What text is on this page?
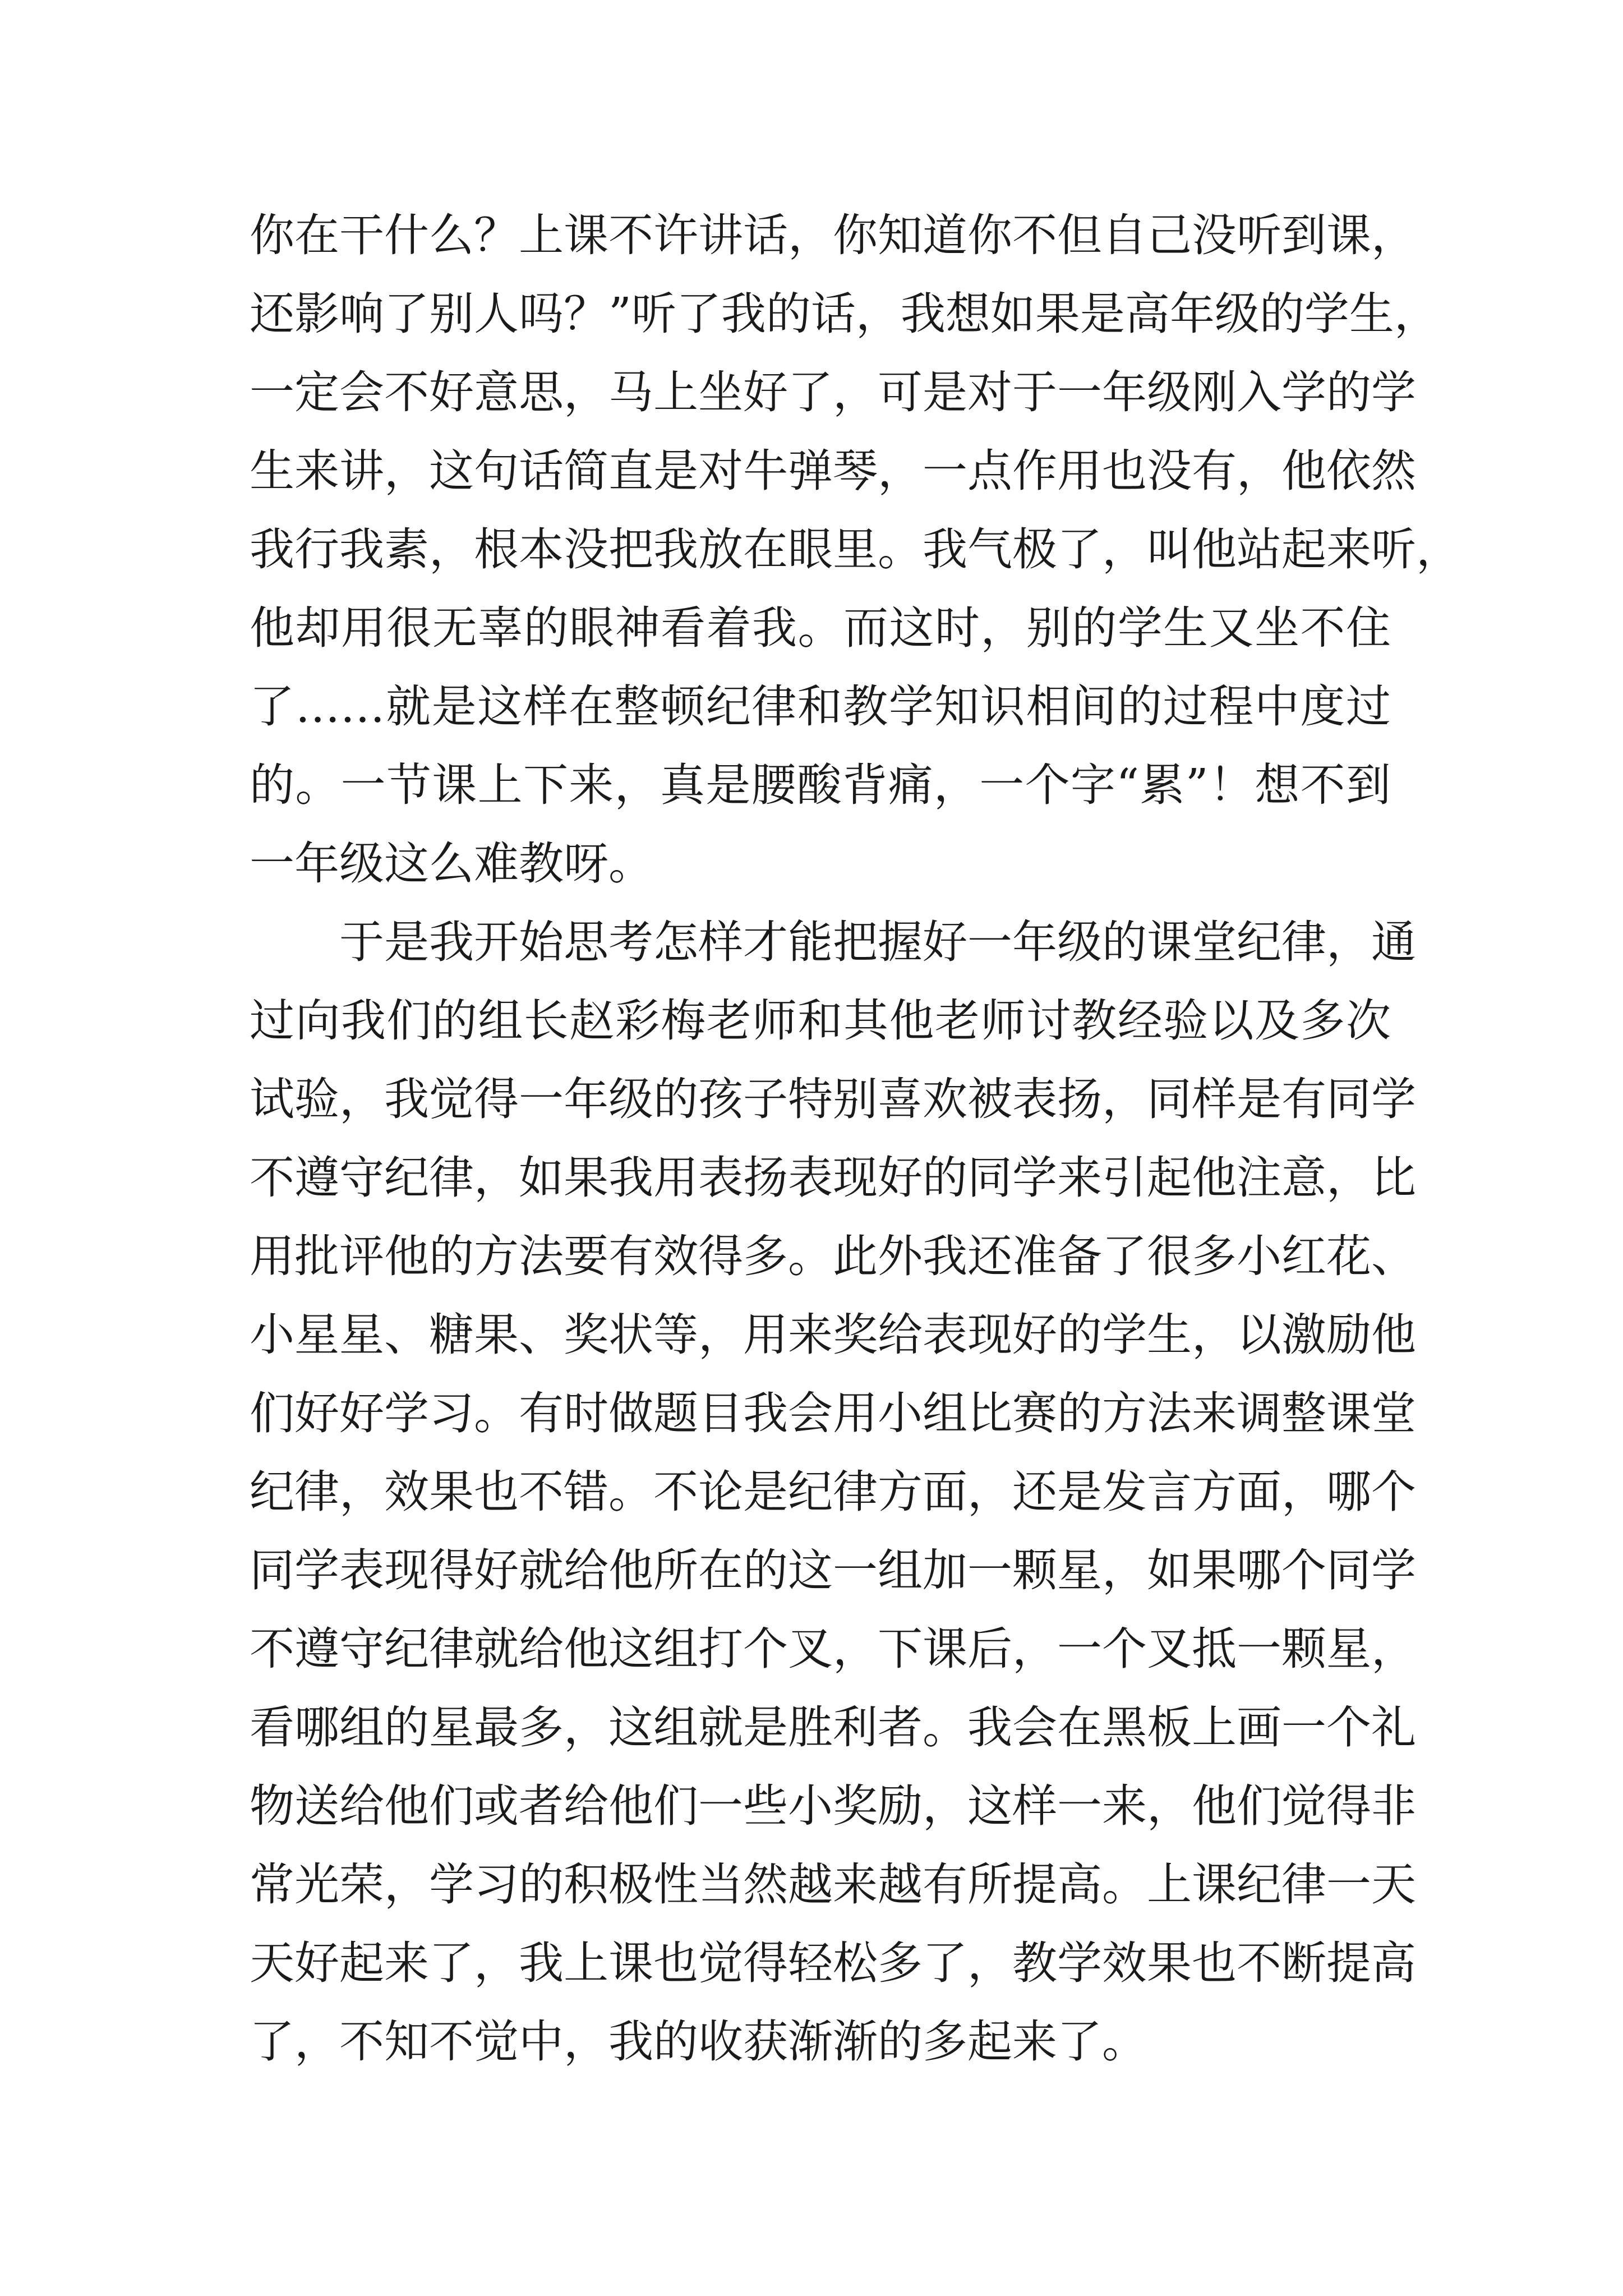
你在干什么？上课不许讲话，你知道你不但自己没听到课，
还影响了别人吗？”听了我的话，我想如果是高年级的学生，
一定会不好意思，马上坐好了，可是对于一年级刚入学的学
生来讲，这句话简直是对牛弹琴，一点作用也没有，他依然
我行我素，根本没把我放在眼里。我气极了，叫他站起来听，
他却用很无辜的眼神看着我。而这时，别的学生又坐不住
了……就是这样在整顿纪律和教学知识相间的过程中度过
的。一节课上下来，真是腰酸背痛，一个字“累”！想不到
一年级这么难教呀。
于是我开始思考怎样才能把握好一年级的课堂纪律，通
过向我们的组长赵彩梅老师和其他老师讨教经验以及多次
试验，我觉得一年级的孩子特别喜欢被表扬，同样是有同学
不遵守纪律，如果我用表扬表现好的同学来引起他注意，比
用批评他的方法要有效得多。此外我还准备了很多小红花、
小星星、糖果、奖状等，用来奖给表现好的学生，以激励他
们好好学习。有时做题目我会用小组比赛的方法来调整课堂
纪律，效果也不错。不论是纪律方面，还是发言方面，哪个
同学表现得好就给他所在的这一组加一颗星，如果哪个同学
不遵守纪律就给他这组打个叉，下课后，一个叉抵一颗星，
看哪组的星最多，这组就是胜利者。我会在黑板上画一个礼
物送给他们或者给他们一些小奖励，这样一来，他们觉得非
常光荣，学习的积极性当然越来越有所提高。上课纪律一天
天好起来了，我上课也觉得轻松多了，教学效果也不断提高
了，不知不觉中，我的收获渐渐的多起来了。
